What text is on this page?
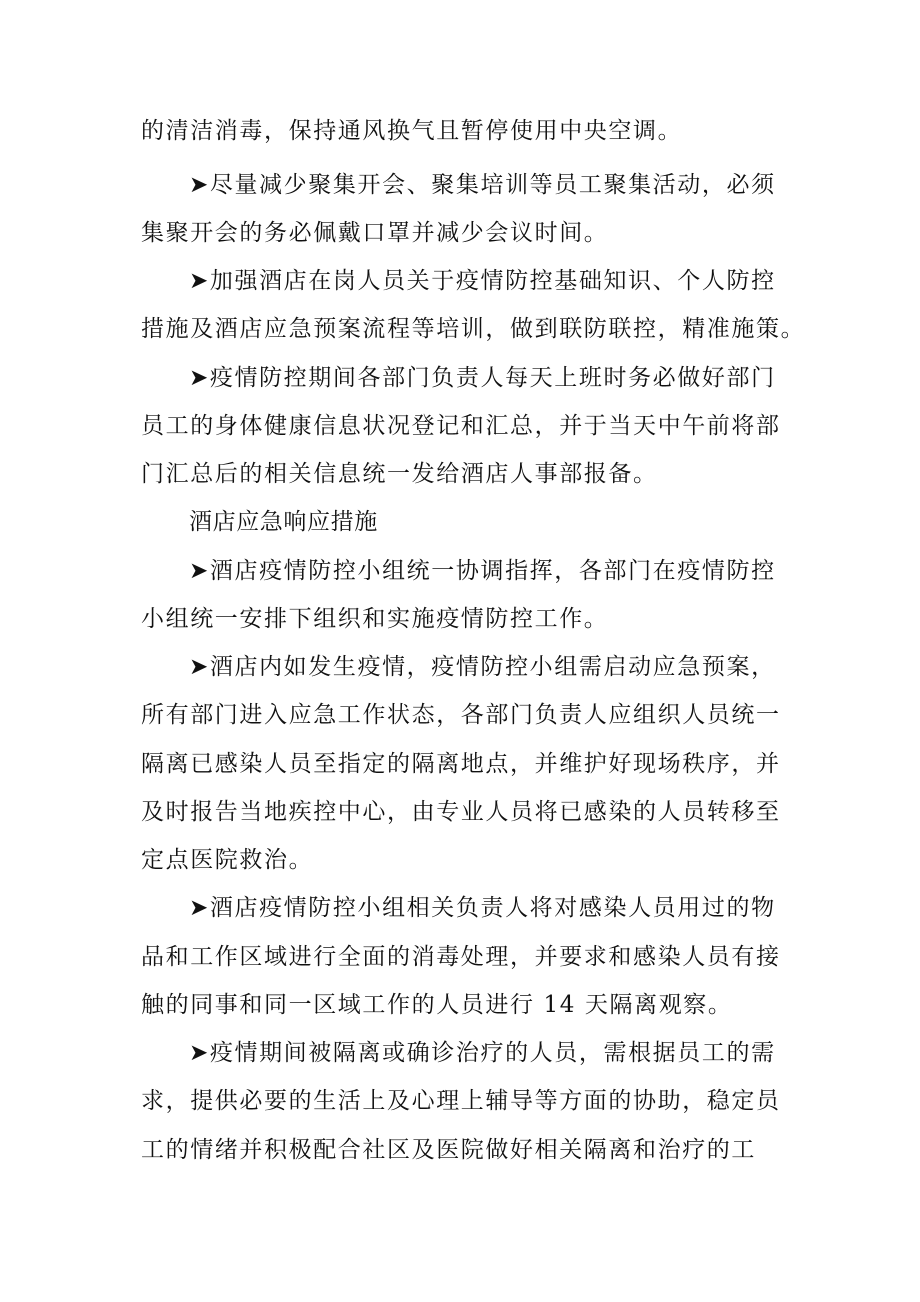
的清洁消毒，保持通风换气且暂停使用中央空调。
➤尽量减少聚集开会、聚集培训等员工聚集活动，必须
集聚开会的务必佩戴口罩并减少会议时间。
➤加强酒店在岗人员关于疫情防控基础知识、个人防控
措施及酒店应急预案流程等培训，做到联防联控，精准施策。
➤疫情防控期间各部门负责人每天上班时务必做好部门
员工的身体健康信息状况登记和汇总，并于当天中午前将部
门汇总后的相关信息统一发给酒店人事部报备。
酒店应急响应措施
➤酒店疫情防控小组统一协调指挥，各部门在疫情防控
小组统一安排下组织和实施疫情防控工作。
➤酒店内如发生疫情，疫情防控小组需启动应急预案，
所有部门进入应急工作状态，各部门负责人应组织人员统一
隔离已感染人员至指定的隔离地点，并维护好现场秩序，并
及时报告当地疾控中心，由专业人员将已感染的人员转移至
定点医院救治。
➤酒店疫情防控小组相关负责人将对感染人员用过的物
品和工作区域进行全面的消毒处理，并要求和感染人员有接
触的同事和同一区域工作的人员进行 14 天隔离观察。
➤疫情期间被隔离或确诊治疗的人员，需根据员工的需
求，提供必要的生活上及心理上辅导等方面的协助，稳定员
工的情绪并积极配合社区及医院做好相关隔离和治疗的工
